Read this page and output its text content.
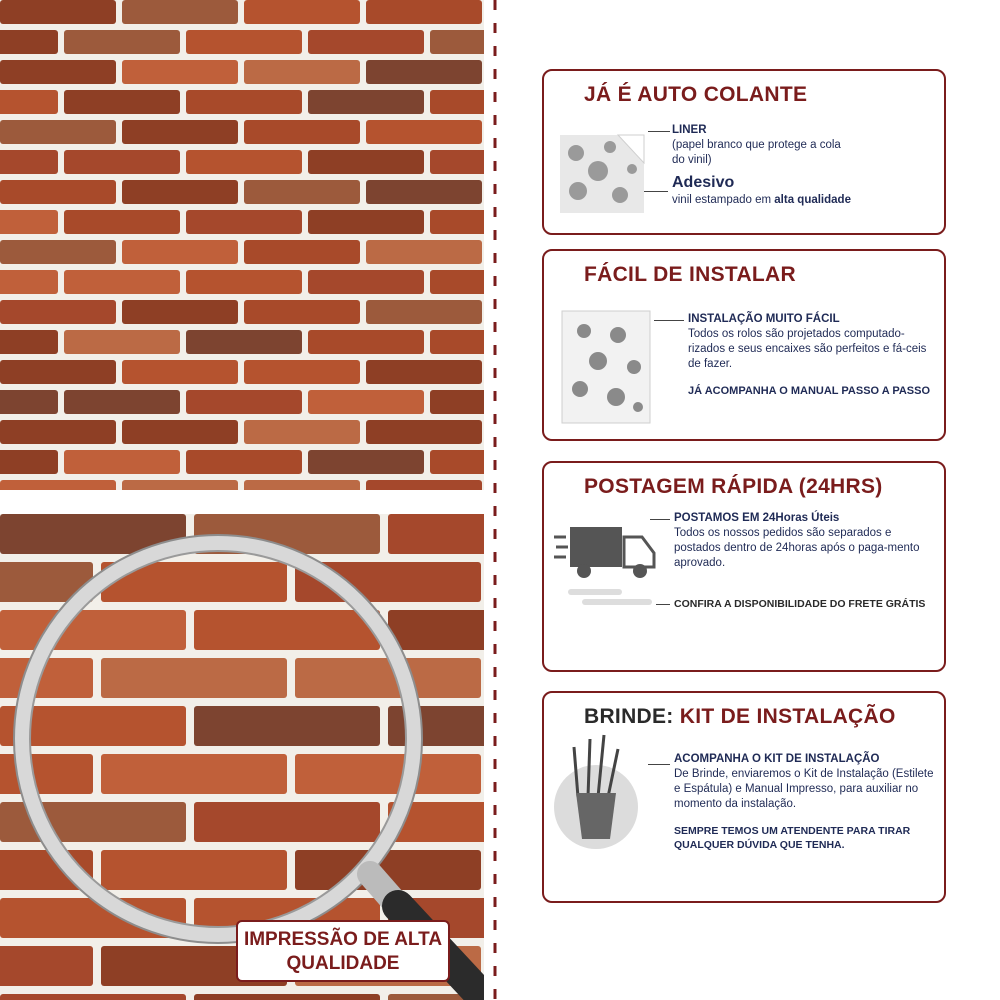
IMPRESSÃO DE ALTA QUALIDADE
JÁ É AUTO COLANTE
LINER
(papel branco que protege a cola do vinil)
Adesivo
vinil estampado em alta qualidade
FÁCIL DE INSTALAR
INSTALAÇÃO MUITO FÁCIL
Todos os rolos são projetados computado-rizados e seus encaixes são perfeitos e fá-ceis de fazer.
JÁ ACOMPANHA O MANUAL PASSO A PASSO
POSTAGEM RÁPIDA (24HRS)
POSTAMOS EM 24Horas Úteis
Todos os nossos pedidos são separados e postados dentro de 24horas após o paga-mento aprovado.
CONFIRA A DISPONIBILIDADE DO FRETE GRÁTIS
BRINDE: KIT DE INSTALAÇÃO
ACOMPANHA O KIT DE INSTALAÇÃO
De Brinde, enviaremos o Kit de Instalação (Estilete e Espátula) e Manual Impresso, para auxiliar no momento da instalação.
SEMPRE TEMOS UM ATENDENTE PARA TIRAR QUALQUER DÚVIDA QUE TENHA.
